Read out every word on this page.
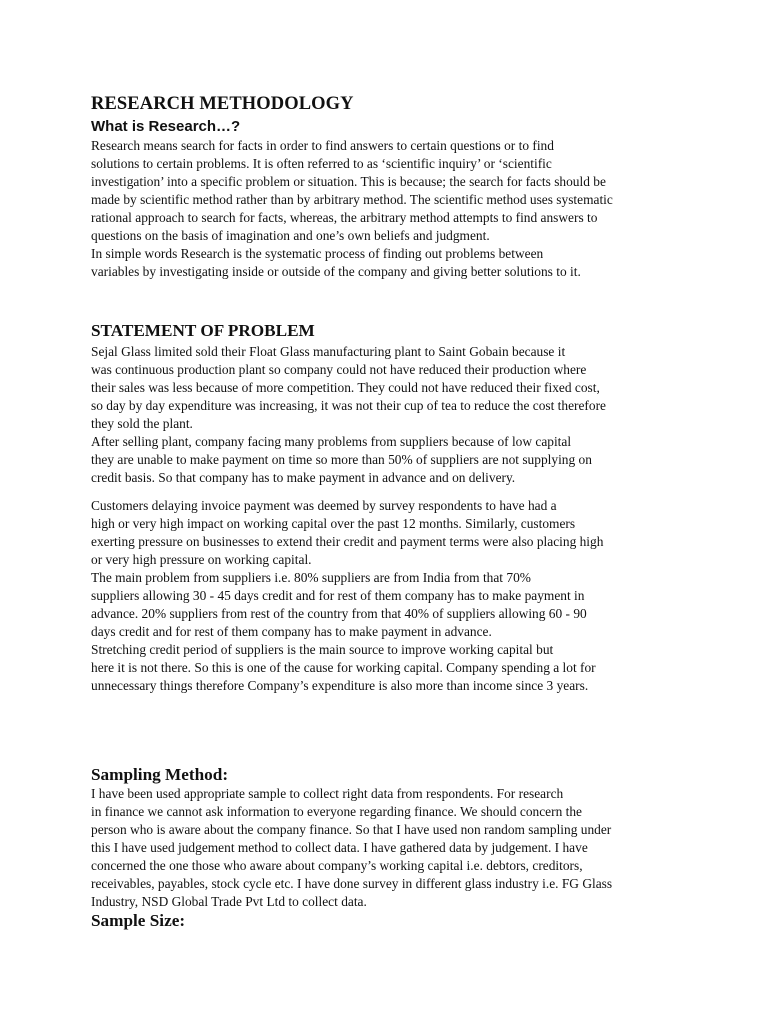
RESEARCH METHODOLOGY
What is Research…?
Research means search for facts in order to find answers to certain questions or to find
solutions to certain problems. It is often referred to as ‘scientific inquiry’ or ‘scientific
investigation’ into a specific problem or situation. This is because; the search for facts should be
made by scientific method rather than by arbitrary method. The scientific method uses systematic
rational approach to search for facts, whereas, the arbitrary method attempts to find answers to
questions on the basis of imagination and one’s own beliefs and judgment.
In simple words Research is the systematic process of finding out problems between
variables by investigating inside or outside of the company and giving better solutions to it.
STATEMENT OF PROBLEM
Sejal Glass limited sold their Float Glass manufacturing plant to Saint Gobain because it
was continuous production plant so company could not have reduced their production where
their sales was less because of more competition. They could not have reduced their fixed cost,
so day by day expenditure was increasing, it was not their cup of tea to reduce the cost therefore
they sold the plant.
After selling plant, company facing many problems from suppliers because of low capital
they are unable to make payment on time so more than 50% of suppliers are not supplying on
credit basis. So that company has to make payment in advance and on delivery.
Customers delaying invoice payment was deemed by survey respondents to have had a
high or very high impact on working capital over the past 12 months. Similarly, customers
exerting pressure on businesses to extend their credit and payment terms were also placing high
or very high pressure on working capital.
The main problem from suppliers i.e. 80% suppliers are from India from that 70%
suppliers allowing 30 - 45 days credit and for rest of them company has to make payment in
advance. 20% suppliers from rest of the country from that 40% of suppliers allowing 60 - 90
days credit and for rest of them company has to make payment in advance.
Stretching credit period of suppliers is the main source to improve working capital but
here it is not there. So this is one of the cause for working capital. Company spending a lot for
unnecessary things therefore Company’s expenditure is also more than income since 3 years.
Sampling Method:
I have been used appropriate sample to collect right data from respondents. For research
in finance we cannot ask information to everyone regarding finance. We should concern the
person who is aware about the company finance. So that I have used non random sampling under
this I have used judgement method to collect data. I have gathered data by judgement. I have
concerned the one those who aware about company’s working capital i.e. debtors, creditors,
receivables, payables, stock cycle etc. I have done survey in different glass industry i.e. FG Glass
Industry, NSD Global Trade Pvt Ltd to collect data.
Sample Size:
